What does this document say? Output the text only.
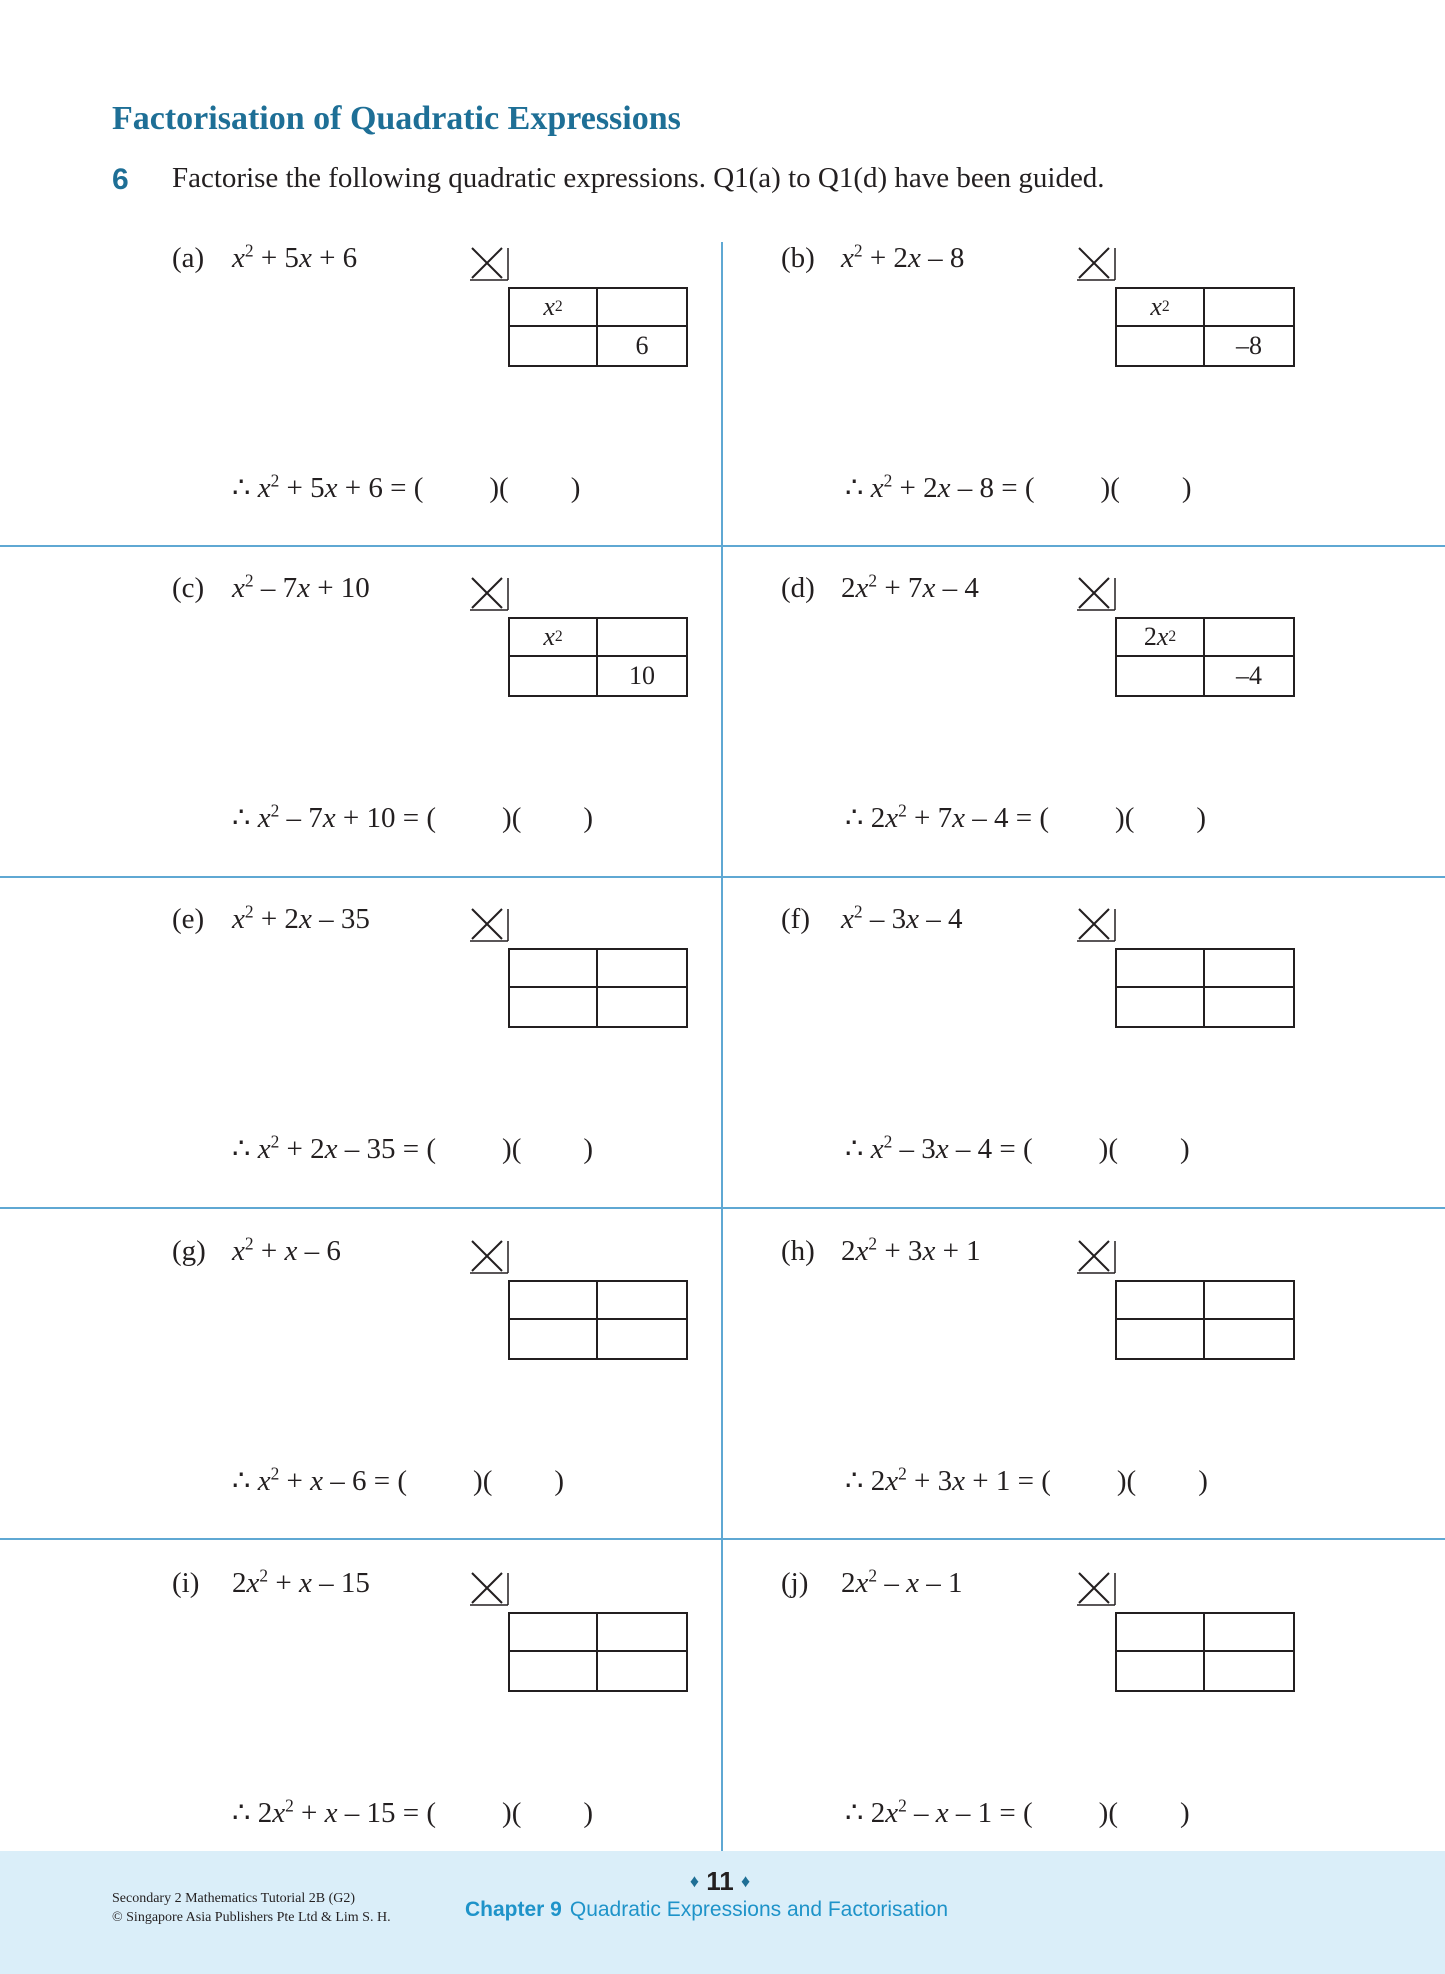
Factorisation of Quadratic Expressions
6 Factorise the following quadratic expressions. Q1(a) to Q1(d) have been guided.
(a) $x^2 + 5x + 6$
x 2
6
∴ $x^2 + 5x + 6$ = ( )( )
(b) $x^2 + 2x - 8$
x 2
–8
∴ $x^2 + 2x - 8$ = ( )( )
(c) $x^2 - 7x + 10$
x 2
10
∴ $x^2 - 7x + 10$ = ( )( )
(d) $2x^2 + 7x - 4$
2 x 2
–4
∴ $2x^2 + 7x - 4$ = ( )( )
(e) $x^2 + 2x - 35$
∴ $x^2 + 2x - 35$ = ( )( )
(f) $x^2 - 3x - 4$
∴ $x^2 - 3x - 4$ = ( )( )
(g) $x^2 + x - 6$
∴ $x^2 + x - 6$ = ( )( )
(h) $2x^2 + 3x + 1$
∴ $2x^2 + 3x + 1$ = ( )( )
(i) $2x^2 + x - 15$
∴ $2x^2 + x - 15$ = ( )( )
(j) $2x^2$ – x – 1
∴ $2x^2$ – x – 1 = ( )( )
Secondary 2 Mathematics Tutorial 2B (G2)
© Singapore Asia Publishers Pte Ltd & Lim S. H.
♦ 11 ♦
Chapter 9 Quadratic Expressions and Factorisation
